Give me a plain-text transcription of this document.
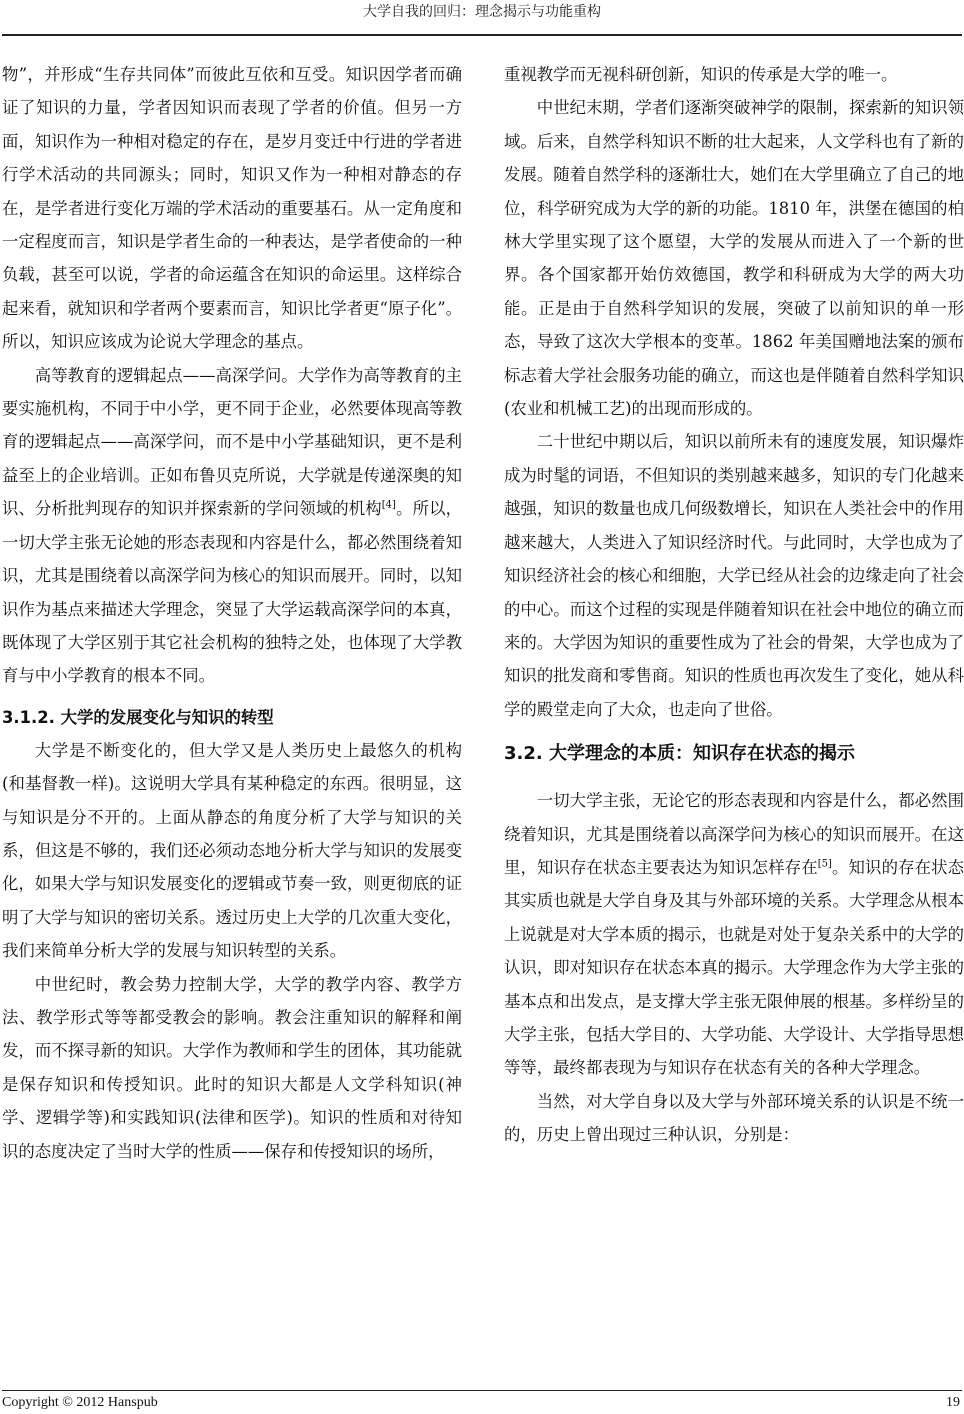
大学自我的回归：理念揭示与功能重构

物”，并形成“生存共同体”而彼此互依和互受。知识因学者而确证了知识的力量，学者因知识而表现了学者的价值。但另一方面，知识作为一种相对稳定的存在，是岁月变迁中行进的学者进行学术活动的共同源头；同时，知识又作为一种相对静态的存在，是学者进行变化万端的学术活动的重要基石。从一定角度和一定程度而言，知识是学者生命的一种表达，是学者使命的一种负载，甚至可以说，学者的命运蕴含在知识的命运里。这样综合起来看，就知识和学者两个要素而言，知识比学者更“原子化”。所以，知识应该成为论说大学理念的基点。

高等教育的逻辑起点——高深学问。大学作为高等教育的主要实施机构，不同于中小学，更不同于企业，必然要体现高等教育的逻辑起点——高深学问，而不是中小学基础知识，更不是利益至上的企业培训。正如布鲁贝克所说，大学就是传递深奥的知识、分析批判现存的知识并探索新的学问领域的机构[4]。所以，一切大学主张无论她的形态表现和内容是什么，都必然围绕着知识，尤其是围绕着以高深学问为核心的知识而展开。同时，以知识作为基点来描述大学理念，突显了大学运载高深学问的本真，既体现了大学区别于其它社会机构的独特之处，也体现了大学教育与中小学教育的根本不同。

3.1.2. 大学的发展变化与知识的转型

大学是不断变化的，但大学又是人类历史上最悠久的机构(和基督教一样)。这说明大学具有某种稳定的东西。很明显，这与知识是分不开的。上面从静态的角度分析了大学与知识的关系，但这是不够的，我们还必须动态地分析大学与知识的发展变化，如果大学与知识发展变化的逻辑或节奏一致，则更彻底的证明了大学与知识的密切关系。透过历史上大学的几次重大变化，我们来简单分析大学的发展与知识转型的关系。

中世纪时，教会势力控制大学，大学的教学内容、教学方法、教学形式等等都受教会的影响。教会注重知识的解释和阐发，而不探寻新的知识。大学作为教师和学生的团体，其功能就是保存知识和传授知识。此时的知识大都是人文学科知识(神学、逻辑学等)和实践知识(法律和医学)。知识的性质和对待知识的态度决定了当时大学的性质——保存和传授知识的场所，

重视教学而无视科研创新，知识的传承是大学的唯一。

中世纪末期，学者们逐渐突破神学的限制，探索新的知识领域。后来，自然学科知识不断的壮大起来，人文学科也有了新的发展。随着自然学科的逐渐壮大，她们在大学里确立了自己的地位，科学研究成为大学的新的功能。1810 年，洪堡在德国的柏林大学里实现了这个愿望，大学的发展从而进入了一个新的世界。各个国家都开始仿效德国，教学和科研成为大学的两大功能。正是由于自然科学知识的发展，突破了以前知识的单一形态，导致了这次大学根本的变革。1862 年美国赠地法案的颁布标志着大学社会服务功能的确立，而这也是伴随着自然科学知识(农业和机械工艺)的出现而形成的。

二十世纪中期以后，知识以前所未有的速度发展，知识爆炸成为时髦的词语，不但知识的类别越来越多，知识的专门化越来越强，知识的数量也成几何级数增长，知识在人类社会中的作用越来越大，人类进入了知识经济时代。与此同时，大学也成为了知识经济社会的核心和细胞，大学已经从社会的边缘走向了社会的中心。而这个过程的实现是伴随着知识在社会中地位的确立而来的。大学因为知识的重要性成为了社会的骨架，大学也成为了知识的批发商和零售商。知识的性质也再次发生了变化，她从科学的殿堂走向了大众，也走向了世俗。

3.2. 大学理念的本质：知识存在状态的揭示

一切大学主张，无论它的形态表现和内容是什么，都必然围绕着知识，尤其是围绕着以高深学问为核心的知识而展开。在这里，知识存在状态主要表达为知识怎样存在[5]。知识的存在状态其实质也就是大学自身及其与外部环境的关系。大学理念从根本上说就是对大学本质的揭示，也就是对处于复杂关系中的大学的认识，即对知识存在状态本真的揭示。大学理念作为大学主张的基本点和出发点，是支撑大学主张无限伸展的根基。多样纷呈的大学主张，包括大学目的、大学功能、大学设计、大学指导思想等等，最终都表现为与知识存在状态有关的各种大学理念。

当然，对大学自身以及大学与外部环境关系的认识是不统一的，历史上曾出现过三种认识，分别是：

Copyright © 2012 Hanspub	19
